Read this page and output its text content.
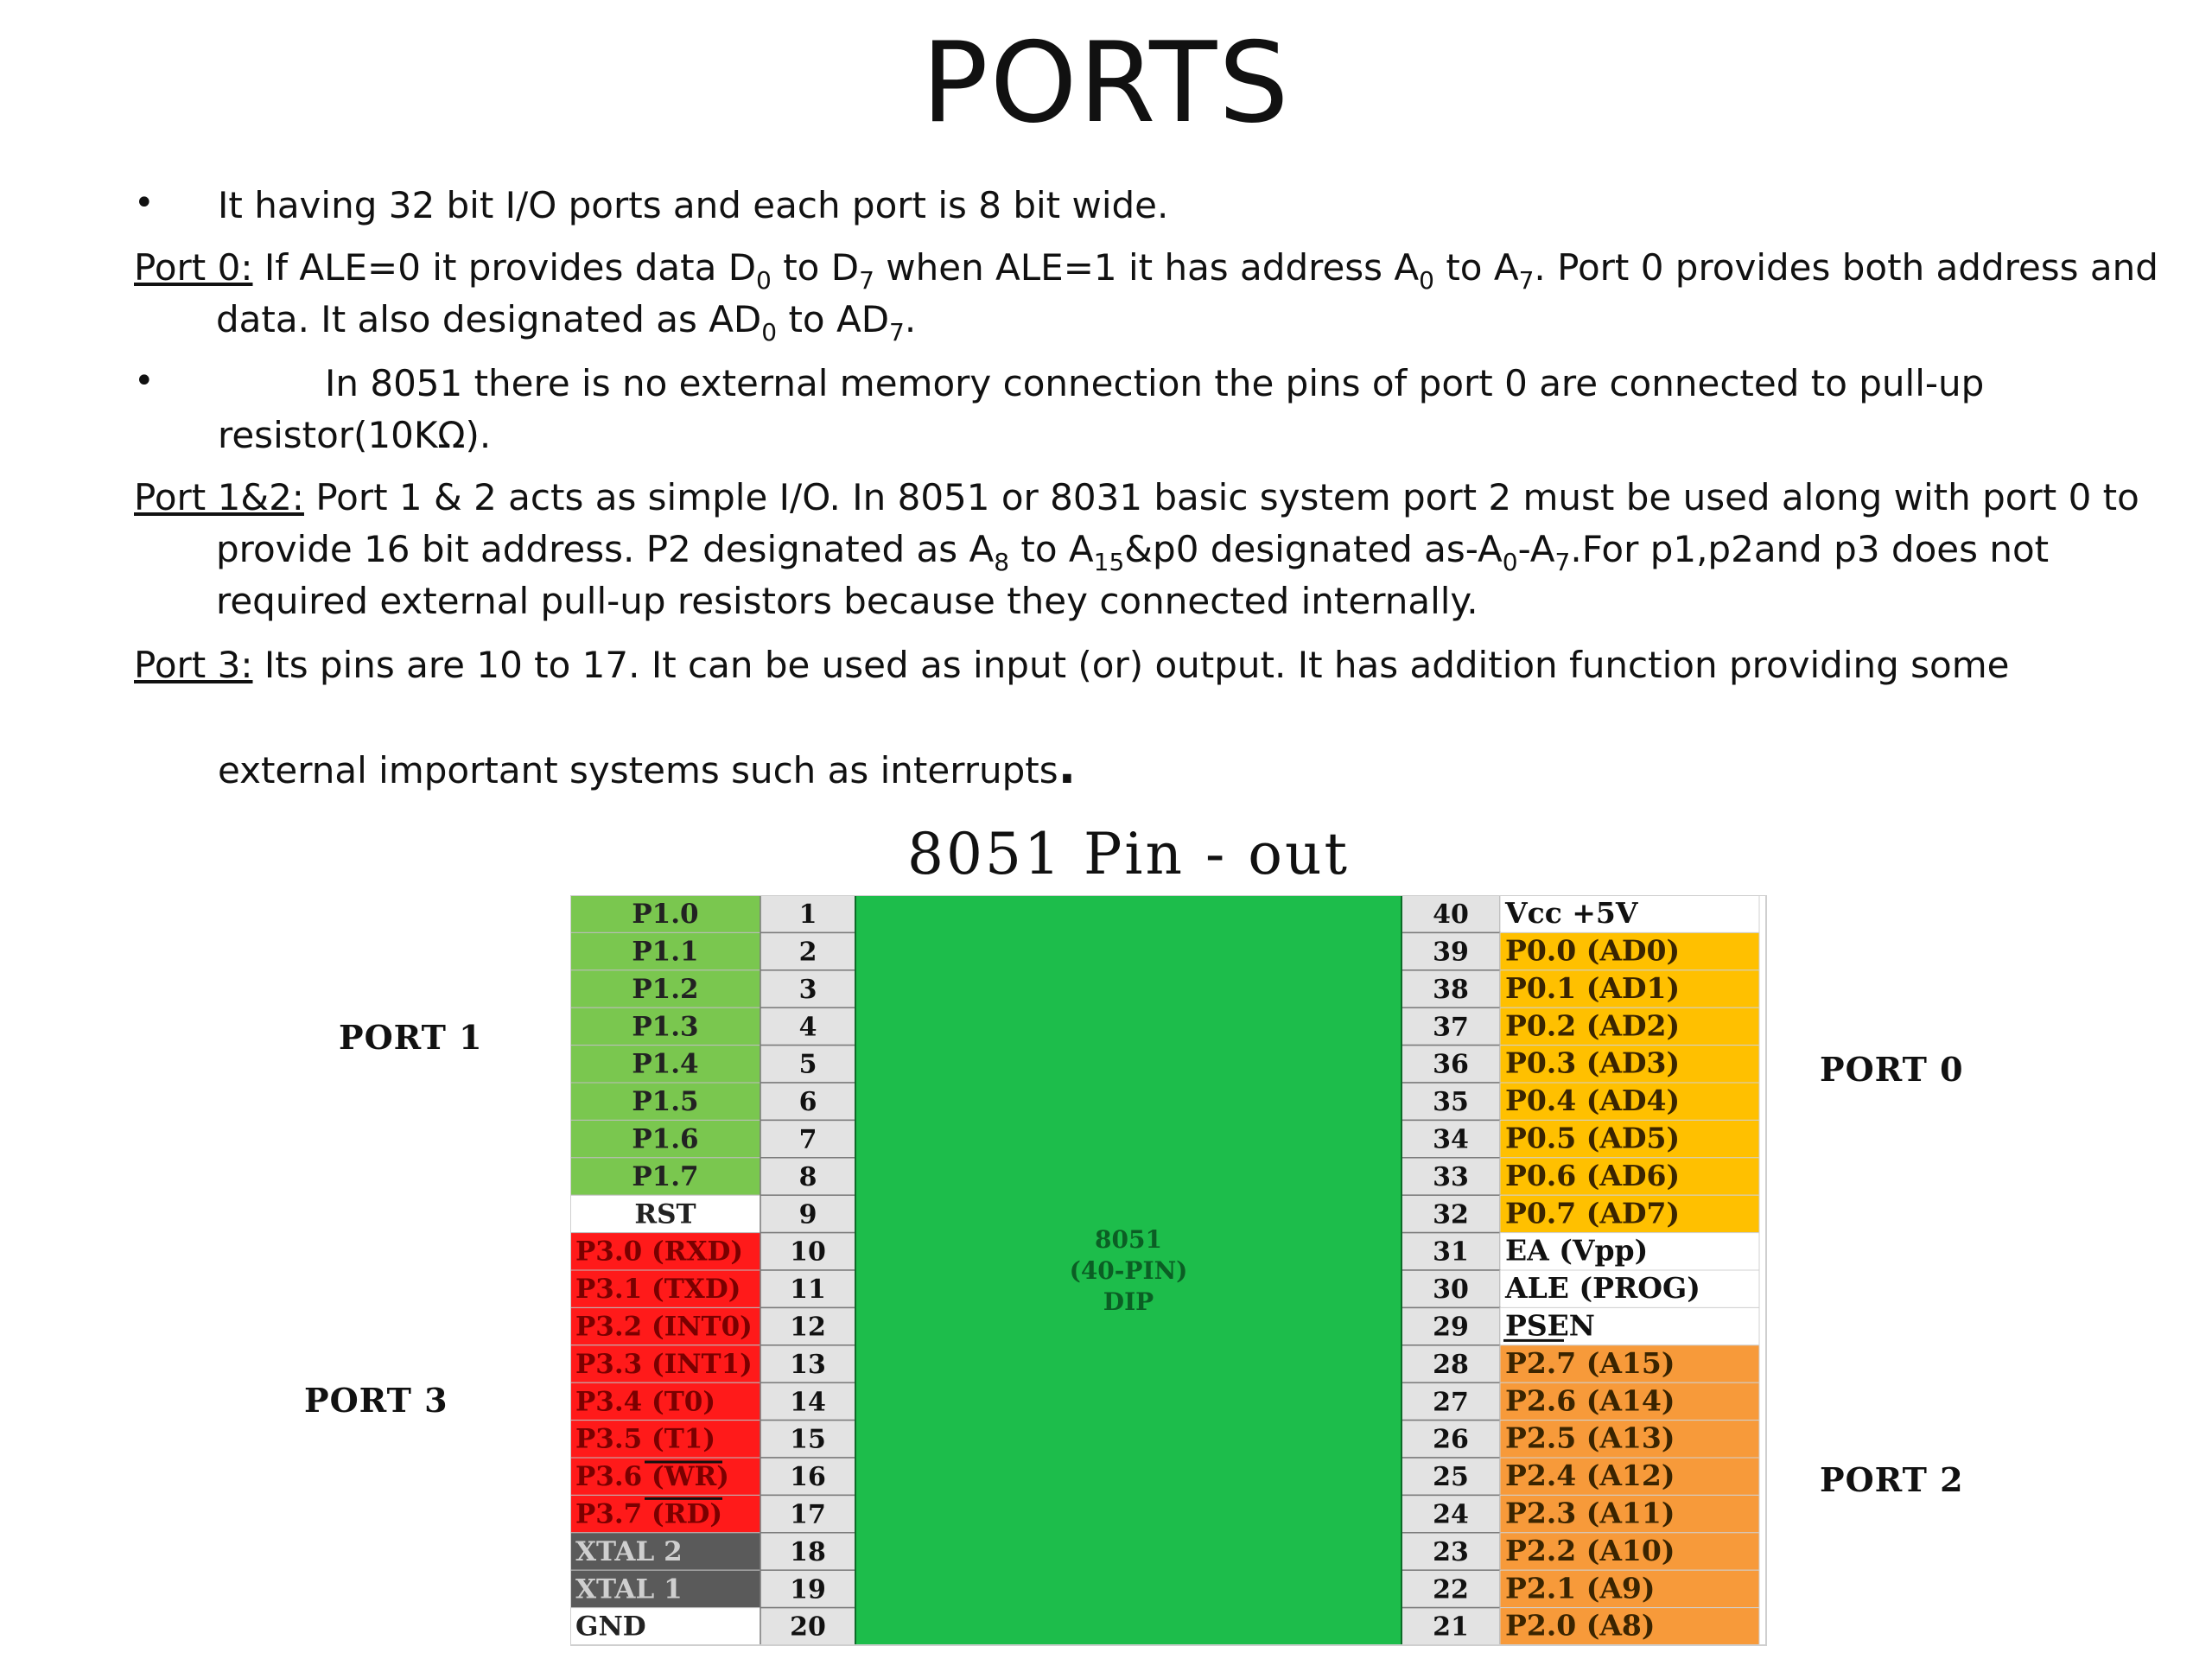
PORTS
• It having 32 bit I/O ports and each port is 8 bit wide.

Port 0: If ALE=0 it provides data $D_0$ to $D_7$ when ALE=1 it has address $A_0$ to $A_7$. Port 0 provides both address and data. It also designated as $AD_0$ to $AD_7$.

•	In 8051 there is no external memory connection the pins of port 0 are connected to pull-up resistor(10KΩ).

Port 1&2: Port 1 & 2 acts as simple I/O. In 8051 or 8031 basic system port 2 must be used along with port 0 to provide 16 bit address. P2 designated as $A_8$ to $A_{15}\&p0$ designated $as-A_0-A_7.For$ p1,p2and p3 does not required external pull-up resistors because they connected internally.

Port 3: Its pins are 10 to 17. It can be used as input (or) output. It has addition function providing some

external important systems such as interrupts.

8051 Pin - out
P1.0	1
P1.1	2
P1.2	3
P1.3	4
P1.4	5
P1.5	6
P1.6	7
P1.7	8
RST	9
P3.0 (RXD) 10
P3.1 (TXD) 11
P3.2 (INT0) 12
P3.3 (INT1) 13
P3.4 (T0)	14
P3.5 (T1)	15
P3.6 (WR) 16
P3.7 (RD)	17
XTAL 2	18
XTAL 1	19
GND	20
40 Vcc +5V
39 P0.0 (AD0)
38 P0.1 (AD1)
37 P0.2 (AD2)
36 P0.3 (AD3)
35 P0.4 (AD4)
34 P0.5 (AD5)
33 P0.6 (AD6)
32 P0.7 (AD7)
31 EA (Vpp)
30 ALE (PROG)
29 PSEN
28 P2.7 (A15)
27 P2.6 (A14)
26 P2.5 (A13)
25 P2.4 (A12)
24 P2.3 (A11)
23 P2.2 (A10)
22 P2.1 (A9)
21 P2.0 (A8)
8051
(40-PIN)
DIP
PORT 1
PORT 3
PORT 0
PORT 2
